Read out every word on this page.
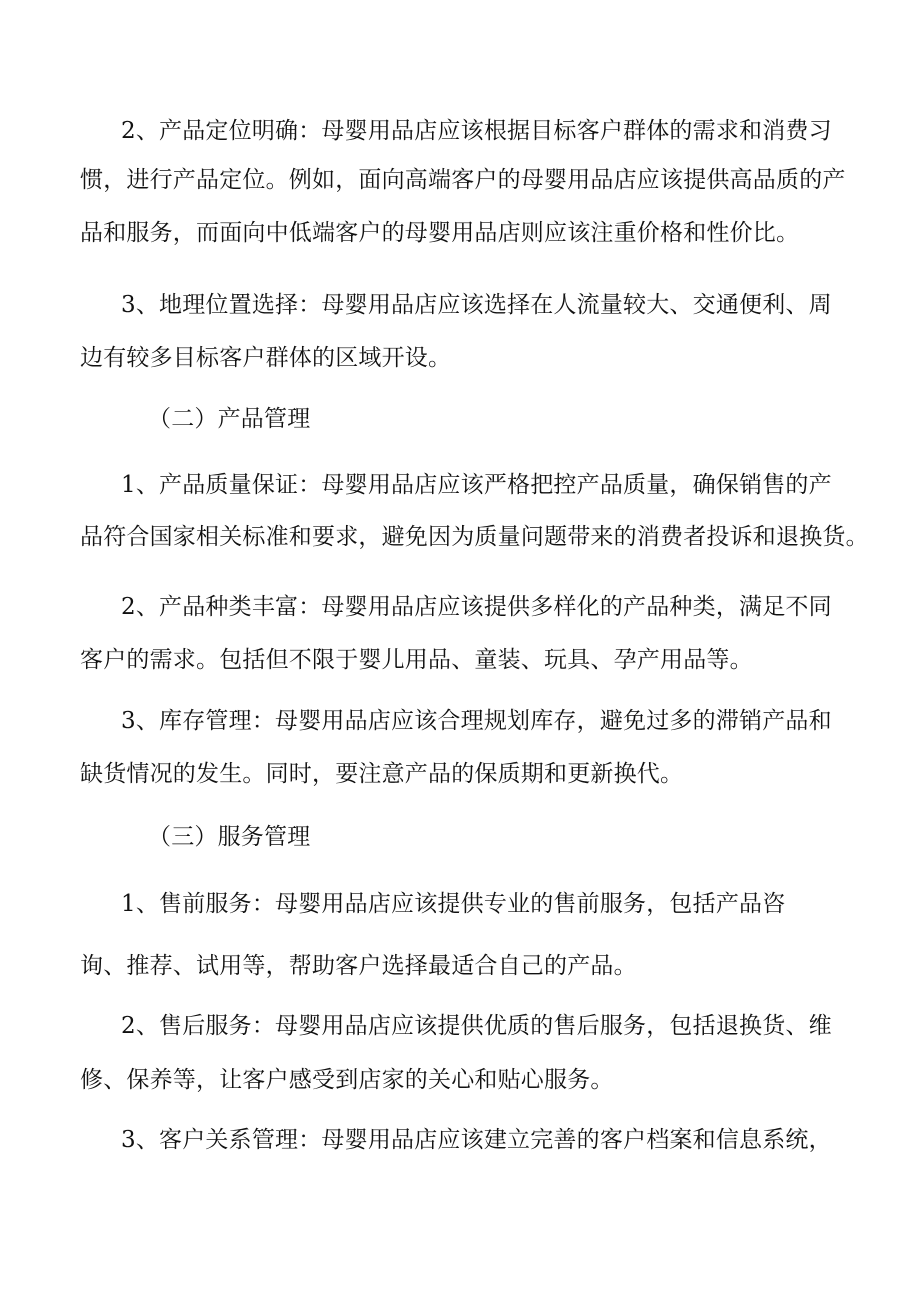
2、产品定位明确：母婴用品店应该根据目标客户群体的需求和消费习
惯，进行产品定位。例如，面向高端客户的母婴用品店应该提供高品质的产
品和服务，而面向中低端客户的母婴用品店则应该注重价格和性价比。
3、地理位置选择：母婴用品店应该选择在人流量较大、交通便利、周
边有较多目标客户群体的区域开设。
（二）产品管理
1、产品质量保证：母婴用品店应该严格把控产品质量，确保销售的产
品符合国家相关标准和要求，避免因为质量问题带来的消费者投诉和退换货。
2、产品种类丰富：母婴用品店应该提供多样化的产品种类，满足不同
客户的需求。包括但不限于婴儿用品、童装、玩具、孕产用品等。
3、库存管理：母婴用品店应该合理规划库存，避免过多的滞销产品和
缺货情况的发生。同时，要注意产品的保质期和更新换代。
（三）服务管理
1、售前服务：母婴用品店应该提供专业的售前服务，包括产品咨
询、推荐、试用等，帮助客户选择最适合自己的产品。
2、售后服务：母婴用品店应该提供优质的售后服务，包括退换货、维
修、保养等，让客户感受到店家的关心和贴心服务。
3、客户关系管理：母婴用品店应该建立完善的客户档案和信息系统，
